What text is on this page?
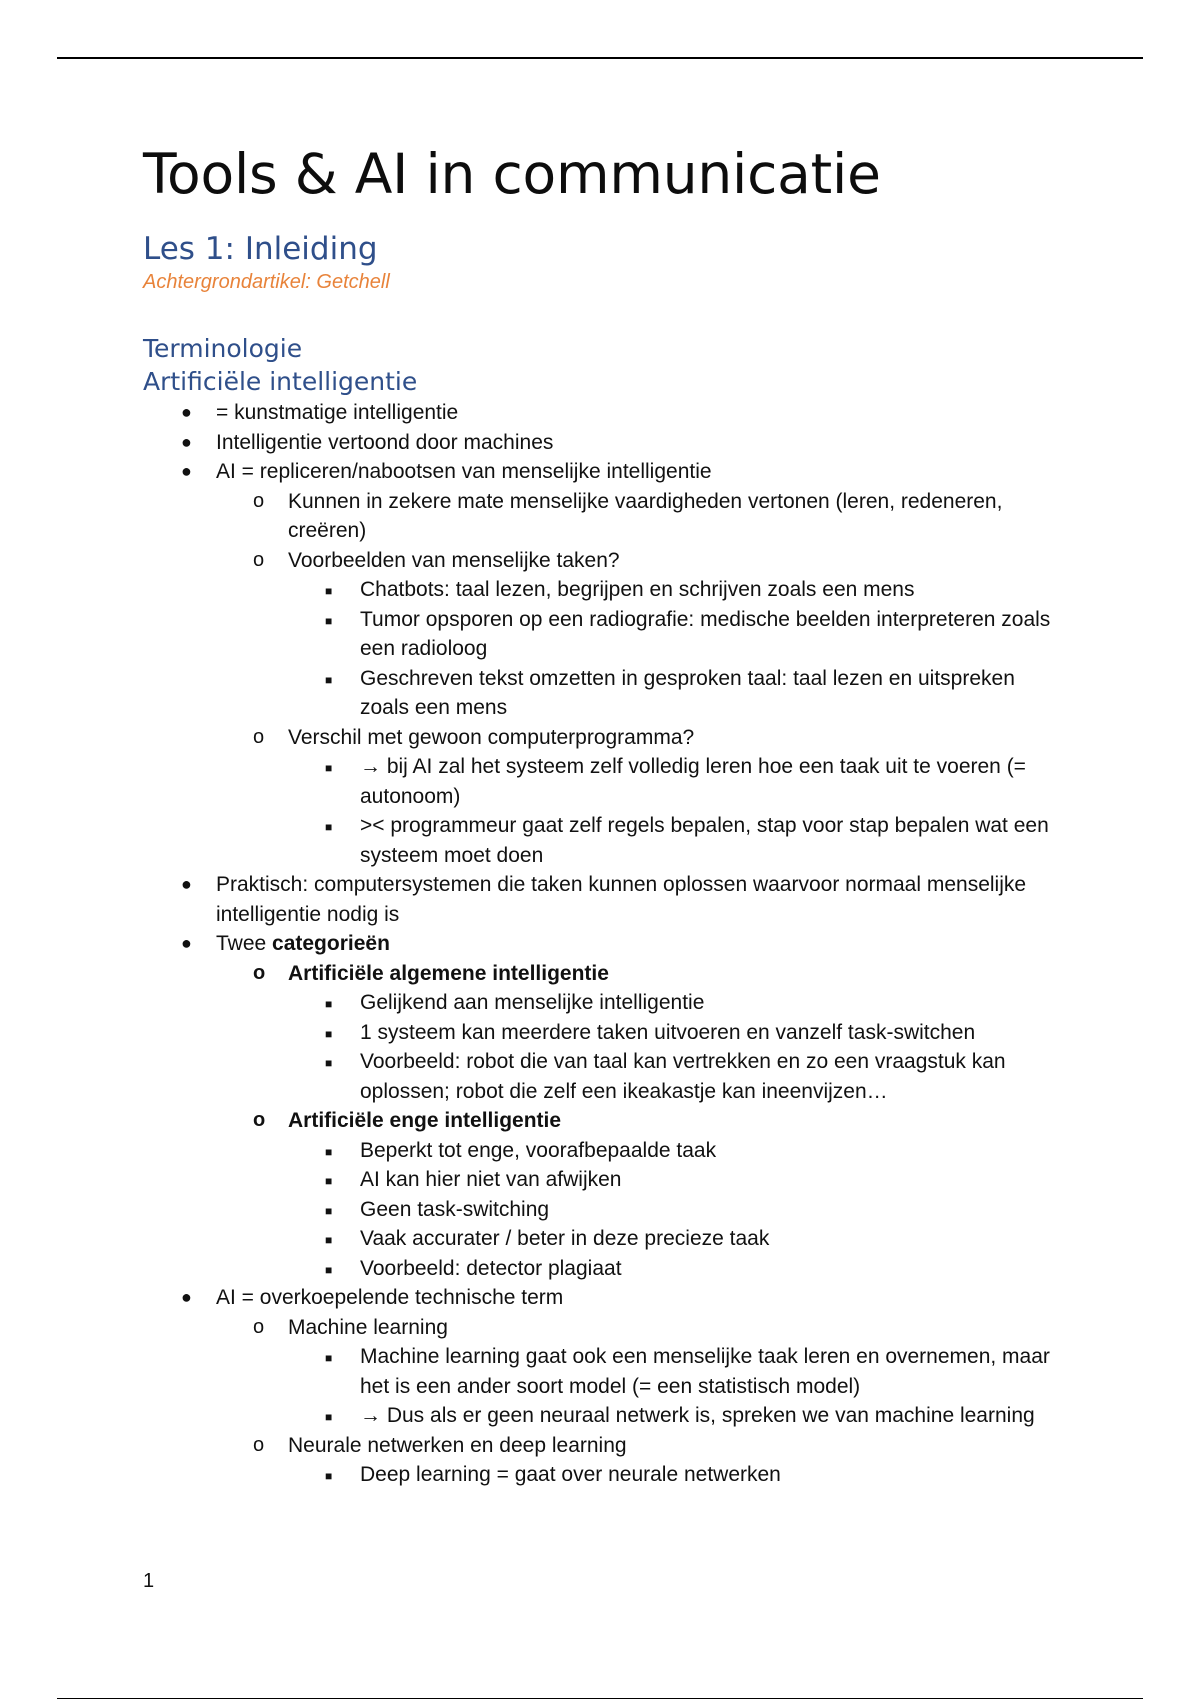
Tools & AI in communicatie
Les 1: Inleiding

Achtergrondartikel: Getchell

Terminologie
Artificiële intelligentie
● = kunstmatige intelligentie
● Intelligentie vertoond door machines
● AI = repliceren/nabootsen van menselijke intelligentie
o Kunnen in zekere mate menselijke vaardigheden vertonen (leren, redeneren, creëren)
o Voorbeelden van menselijke taken?
■ Chatbots: taal lezen, begrijpen en schrijven zoals een mens
■ Tumor opsporen op een radiografie: medische beelden interpreteren zoals een radioloog
■ Geschreven tekst omzetten in gesproken taal: taal lezen en uitspreken zoals een mens
o Verschil met gewoon computerprogramma?
■ → bij AI zal het systeem zelf volledig leren hoe een taak uit te voeren (= autonoom)
■ >< programmeur gaat zelf regels bepalen, stap voor stap bepalen wat een systeem moet doen
● Praktisch: computersystemen die taken kunnen oplossen waarvoor normaal menselijke intelligentie nodig is
● Twee categorieën
o Artificiële algemene intelligentie
■ Gelijkend aan menselijke intelligentie
■ 1 systeem kan meerdere taken uitvoeren en vanzelf task-switchen
■ Voorbeeld: robot die van taal kan vertrekken en zo een vraagstuk kan oplossen; robot die zelf een ikeakastje kan ineenvijzen…
o Artificiële enge intelligentie
■ Beperkt tot enge, voorafbepaalde taak
■ AI kan hier niet van afwijken
■ Geen task-switching
■ Vaak accurater / beter in deze precieze taak
■ Voorbeeld: detector plagiaat
● AI = overkoepelende technische term
o Machine learning
■ Machine learning gaat ook een menselijke taak leren en overnemen, maar het is een ander soort model (= een statistisch model)
■ → Dus als er geen neuraal netwerk is, spreken we van machine learning
o Neurale netwerken en deep learning
■ Deep learning = gaat over neurale netwerken
1
